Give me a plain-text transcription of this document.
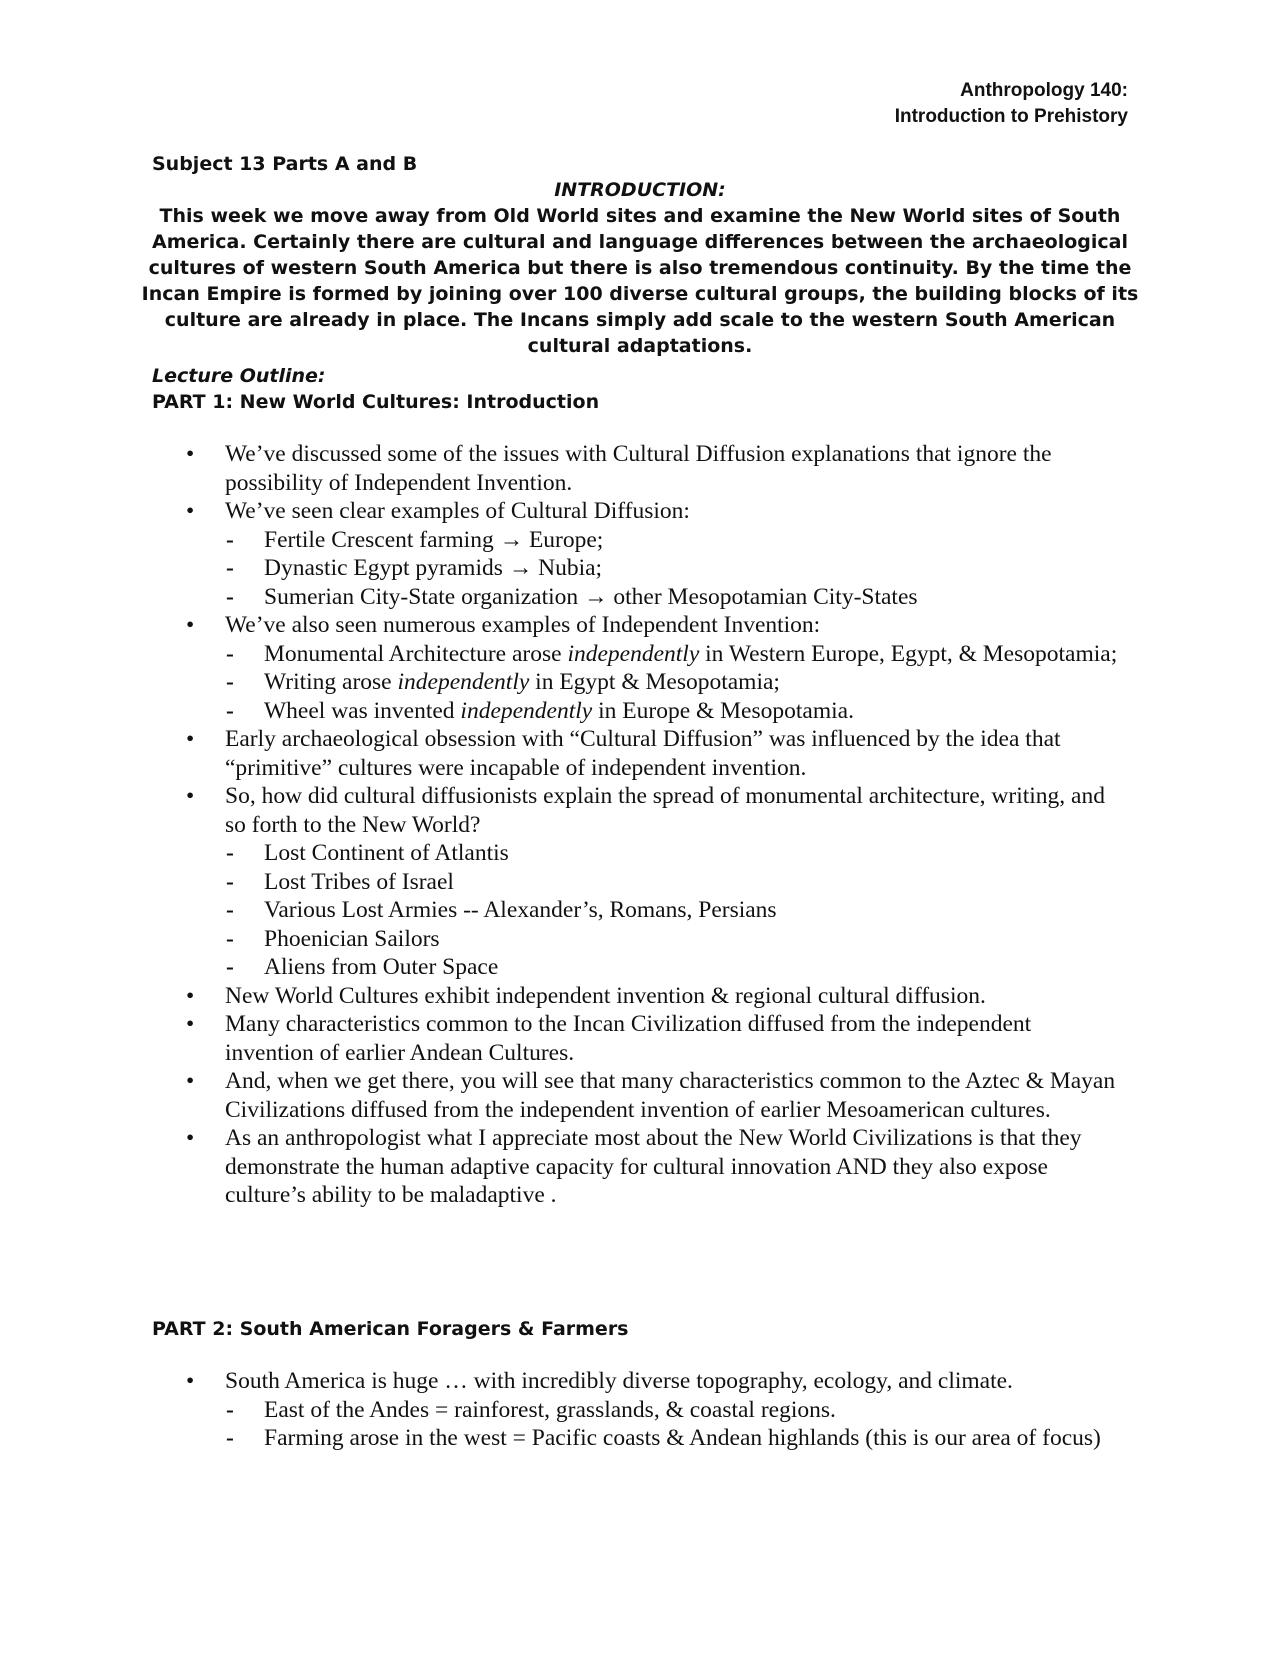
Anthropology 140:
Introduction to Prehistory
Subject 13 Parts A and B
INTRODUCTION:
This week we move away from Old World sites and examine the New World sites of South America. Certainly there are cultural and language differences between the archaeological cultures of western South America but there is also tremendous continuity. By the time the Incan Empire is formed by joining over 100 diverse cultural groups, the building blocks of its culture are already in place. The Incans simply add scale to the western South American cultural adaptations.
Lecture Outline:
PART 1: New World Cultures: Introduction
• We’ve discussed some of the issues with Cultural Diffusion explanations that ignore the possibility of Independent Invention.
• We’ve seen clear examples of Cultural Diffusion:
- Fertile Crescent farming → Europe;
- Dynastic Egypt pyramids → Nubia;
- Sumerian City-State organization → other Mesopotamian City-States
• We’ve also seen numerous examples of Independent Invention:
- Monumental Architecture arose independently in Western Europe, Egypt, & Mesopotamia;
- Writing arose independently in Egypt & Mesopotamia;
- Wheel was invented independently in Europe & Mesopotamia.
• Early archaeological obsession with “Cultural Diffusion” was influenced by the idea that “primitive” cultures were incapable of independent invention.
• So, how did cultural diffusionists explain the spread of monumental architecture, writing, and so forth to the New World?
- Lost Continent of Atlantis
- Lost Tribes of Israel
- Various Lost Armies -- Alexander’s, Romans, Persians
- Phoenician Sailors
- Aliens from Outer Space
• New World Cultures exhibit independent invention & regional cultural diffusion.
• Many characteristics common to the Incan Civilization diffused from the independent invention of earlier Andean Cultures.
• And, when we get there, you will see that many characteristics common to the Aztec & Mayan Civilizations diffused from the independent invention of earlier Mesoamerican cultures.
• As an anthropologist what I appreciate most about the New World Civilizations is that they demonstrate the human adaptive capacity for cultural innovation AND they also expose culture’s ability to be maladaptive .
PART 2: South American Foragers & Farmers
• South America is huge … with incredibly diverse topography, ecology, and climate.
- East of the Andes = rainforest, grasslands, & coastal regions.
- Farming arose in the west = Pacific coasts & Andean highlands (this is our area of focus)
